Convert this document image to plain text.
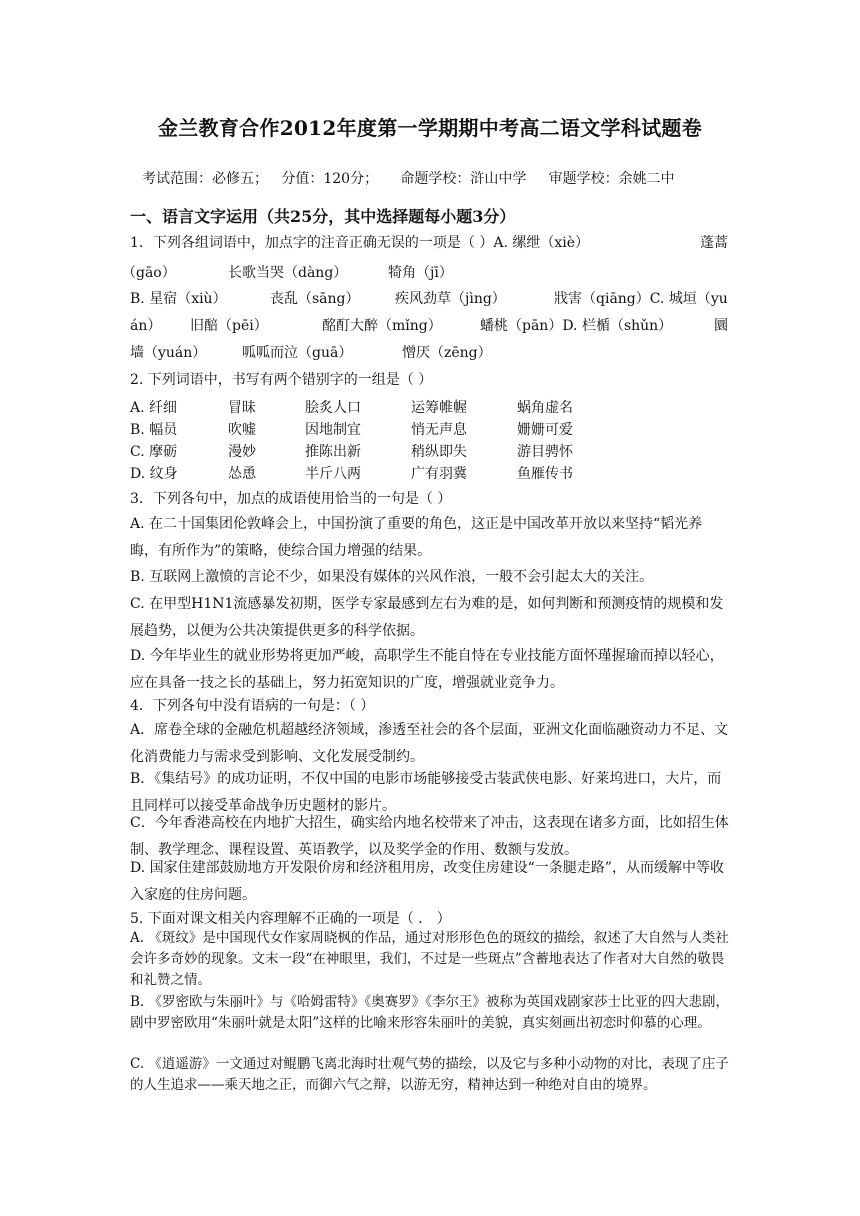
金兰教育合作2012年度第一学期期中考高二语文学科试题卷
考试范围：必修五；   分值：120分；     命题学校：浒山中学     审题学校：余姚二中
一、语言文字运用（共25分，其中选择题每小题3分）
1．下列各组词语中，加点字的注音正确无误的一项是（ ）A. 缧绁（xiè）	蓬蒿
（gāo）	长歌当哭（dàng）	犄角（jī）
B. 星宿（xiù）	丧乱（sāng）	疾风劲草（jìng）	戕害（qiāng）C. 城垣（yu
án） 旧醅（pēi）	酩酊大醉（mǐng）	蟠桃（pān）D. 栏楯（shǔn）	圜
墙（yuán）	呱呱而泣（guā）	憎厌（zēng）
2. 下列词语中，书写有两个错别字的一组是（ ）
A. 纤细	冒昧	脍炙人口	运筹帷幄	蜗角虚名
B. 幅员	吹嘘	因地制宜	悄无声息	姗姗可爱
C. 摩砺	漫妙	推陈出新	稍纵即失	游目骋怀
D. 纹身	怂恿	半斤八两	广有羽冀	鱼雁传书
3．下列各句中，加点的成语使用恰当的一句是（ ）
A. 在二十国集团伦敦峰会上，中国扮演了重要的角色，这正是中国改革开放以来坚持“韬光养晦，有所作为”的策略，使综合国力增强的结果。
B. 互联网上激愤的言论不少，如果没有媒体的兴风作浪，一般不会引起太大的关注。
C. 在甲型H1N1流感暴发初期，医学专家最感到左右为难的是，如何判断和预测疫情的规模和发展趋势，以便为公共决策提供更多的科学依据。
D. 今年毕业生的就业形势将更加严峻，高职学生不能自恃在专业技能方面怀瑾握瑜而掉以轻心，应在具备一技之长的基础上，努力拓宽知识的广度，增强就业竞争力。
4．下列各句中没有语病的一句是：（ ）
A．席卷全球的金融危机超越经济领域，渗透至社会的各个层面，亚洲文化面临融资动力不足、文化消费能力与需求受到影响、文化发展受制约。
B．《集结号》的成功证明，不仅中国的电影市场能够接受古装武侠电影、好莱坞进口，大片，而且同样可以接受革命战争历史题材的影片。
C．今年香港高校在内地扩大招生，确实给内地名校带来了冲击，这表现在诸多方面，比如招生体制、教学理念、课程设置、英语教学，以及奖学金的作用、数额与发放。
D. 国家住建部鼓励地方开发限价房和经济租用房，改变住房建设“一条腿走路”，从而缓解中等收入家庭的住房问题。
5. 下面对课文相关内容理解不正确的一项是（ ． ）
A. 《斑纹》是中国现代女作家周晓枫的作品，通过对形形色色的斑纹的描绘，叙述了大自然与人类社会许多奇妙的现象。文末一段“在神眼里，我们，不过是一些斑点”含蓄地表达了作者对大自然的敬畏和礼赞之情。
B. 《罗密欧与朱丽叶》与《哈姆雷特》《奥赛罗》《李尔王》被称为英国戏剧家莎士比亚的四大悲剧，剧中罗密欧用“朱丽叶就是太阳”这样的比喻来形容朱丽叶的美貌，真实刻画出初恋时仰慕的心理。
C. 《逍遥游》一文通过对鲲鹏飞离北海时壮观气势的描绘，以及它与多种小动物的对比，表现了庄子的人生追求——乘天地之正，而御六气之辩，以游无穷，精神达到一种绝对自由的境界。
